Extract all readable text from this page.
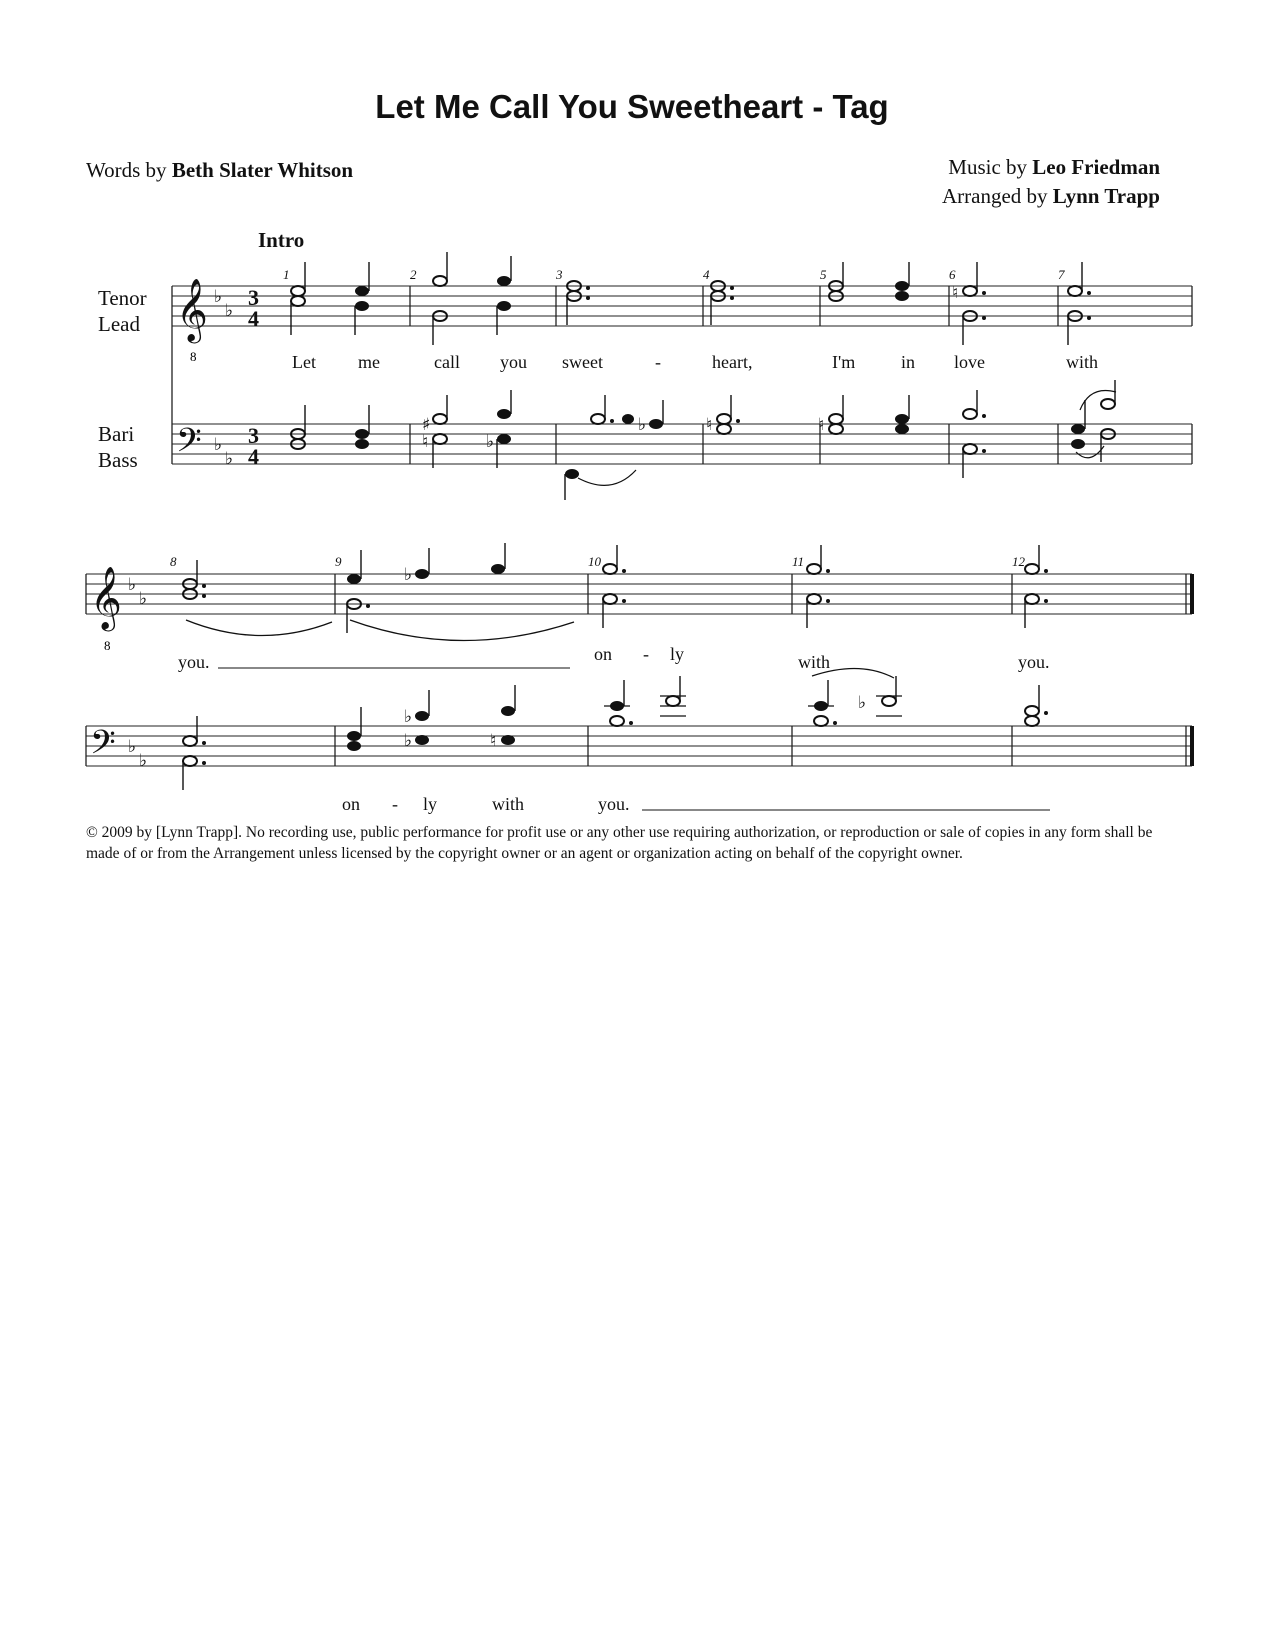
Let Me Call You Sweetheart - Tag
Words by Beth Slater Whitson	Music by Leo Friedman
Arranged by Lynn Trapp
Intro
Tenor
Lead
Bari
Bass
𝄞
8
𝄢
♭
♭
♭
♭
3
4
3
4
♮
♯
♮	♭
♭	♮	♮
1	2	3	4	5	6	7
Let me	call you sweet	-	heart,	I'm	in love	with
𝄞
8
𝄢
♭
♭
♭
♭
♭
♭
♭	♮
♭
8	9	10	11	12
you.	on - ly	with	you.
on - ly	with	you.
© 2009 by [Lynn Trapp]. No recording use, public performance for profit use or any other use requiring authorization, or reproduction or sale of copies in any form shall be made of or from the Arrangement unless licensed by the copyright owner or an agent or organization acting on behalf of the copyright owner.
